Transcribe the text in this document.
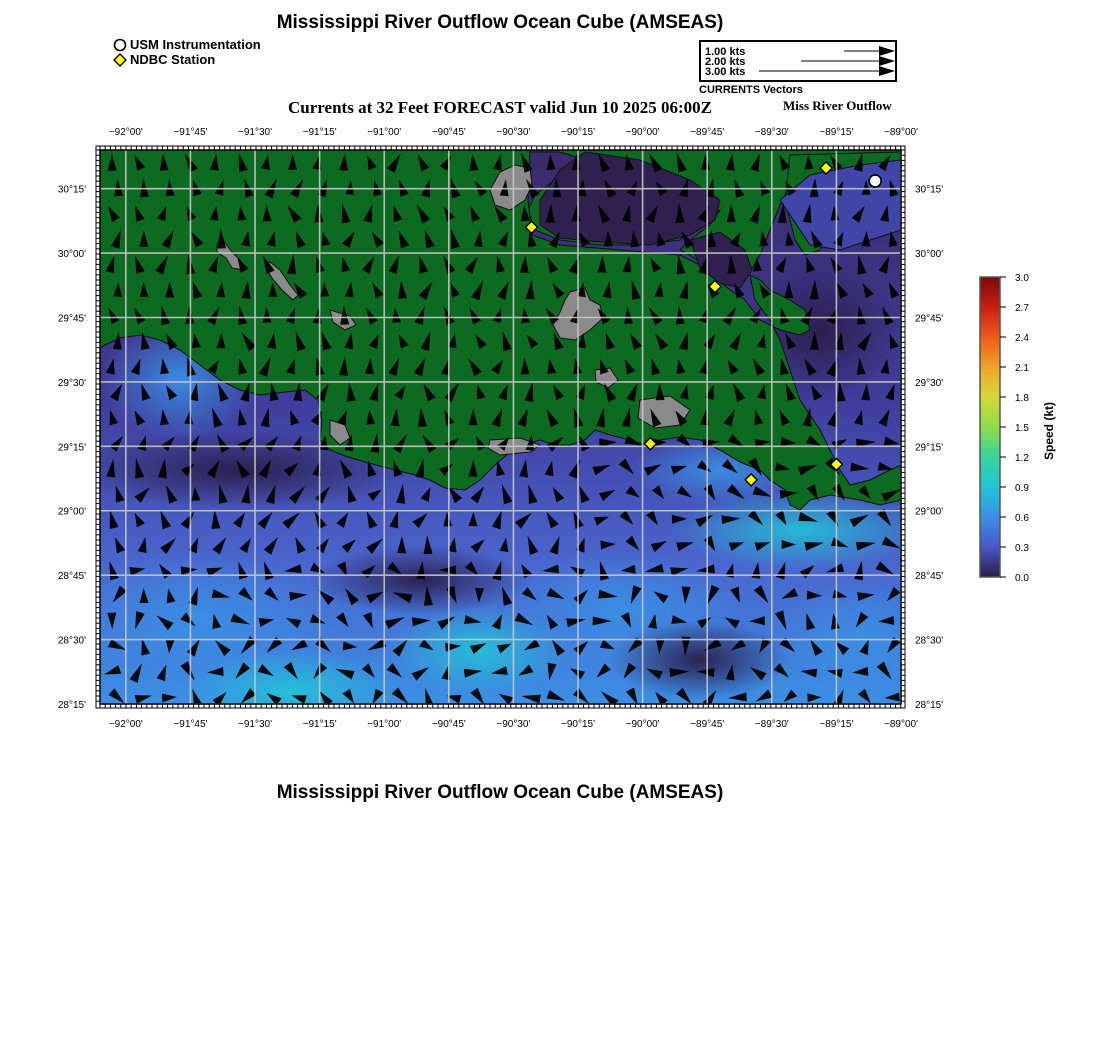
Mississippi River Outflow Ocean Cube (AMSEAS)
USM Instrumentation
NDBC Station	1.00 kts
2.00 kts
3.00 kts
CURRENTS Vectors
Currents at 32 Feet FORECAST valid Jun 10 2025 06:00Z	Miss River Outflow
−92°00'	−91°45'	−91°30'	−91°15'	−91°00'	−90°45'	−90°30'	−90°15'	−90°00'	−89°45'	−89°30'	−89°15'	−89°00'
−92°00'	−91°45'	−91°30'	−91°15'	−91°00'	−90°45'	−90°30'	−90°15'	−90°00'	−89°45'	−89°30'	−89°15'	−89°00'
30°15'
30°00'
29°45'
29°30'
29°15'
29°00'
28°45'
28°30'
28°15'
30°15'
30°00'
29°45'
29°30'
29°15'
29°00'
28°45'
28°30'
28°15'
3.0
2.7
2.4
2.1
1.8
1.5
1.2
0.9
0.6
0.3
0.0
Speed (kt)
Mississippi River Outflow Ocean Cube (AMSEAS)
